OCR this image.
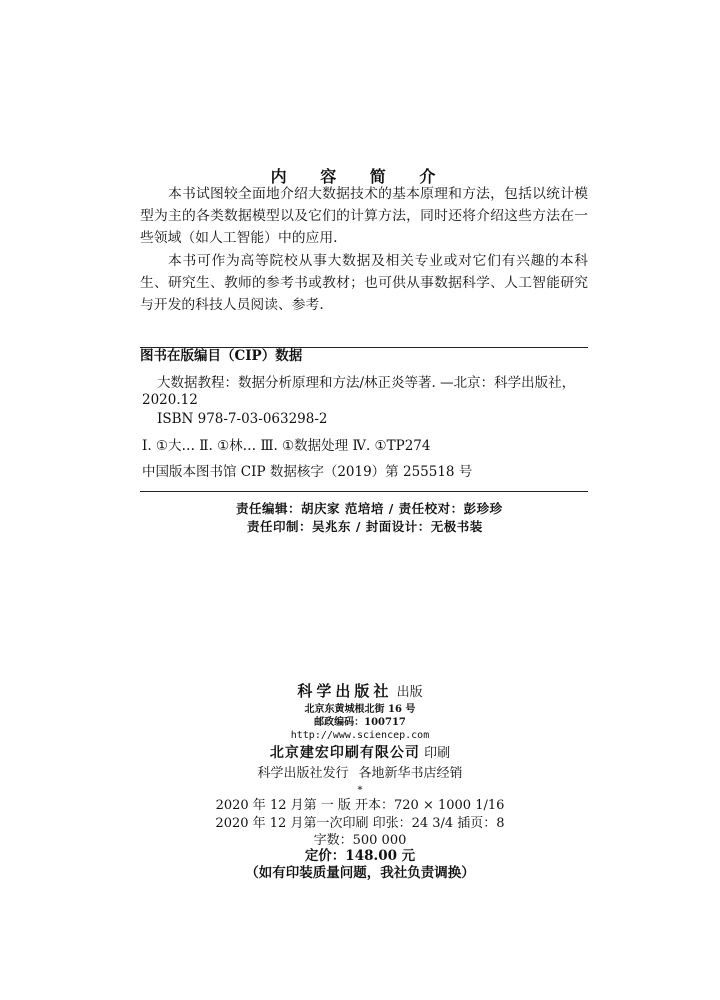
内 容 简 介
本书试图较全面地介绍大数据技术的基本原理和方法，包括以统计模型为主的各类数据模型以及它们的计算方法，同时还将介绍这些方法在一些领域（如人工智能）中的应用.
本书可作为高等院校从事大数据及相关专业或对它们有兴趣的本科生、研究生、教师的参考书或教材；也可供从事数据科学、人工智能研究与开发的科技人员阅读、参考.
图书在版编目（CIP）数据
大数据教程：数据分析原理和方法/林正炎等著. —北京：科学出版社，
2020.12
ISBN 978-7-03-063298-2
Ⅰ. ①大… Ⅱ. ①林… Ⅲ. ①数据处理 Ⅳ. ①TP274
中国版本图书馆 CIP 数据核字（2019）第 255518 号
责任编辑：胡庆家 范培培 / 责任校对：彭珍珍
责任印制：吴兆东 / 封面设计：无极书装
科学出版社 出版
北京东黄城根北街 16 号
邮政编码：100717
http://www.sciencep.com
北京建宏印刷有限公司 印刷
科学出版社发行 各地新华书店经销
*
2020 年 12 月第 一 版 开本：720 × 1000 1/16
2020 年 12 月第一次印刷 印张：24 3/4 插页：8
字数：500 000
定价：148.00 元
（如有印装质量问题，我社负责调换）
